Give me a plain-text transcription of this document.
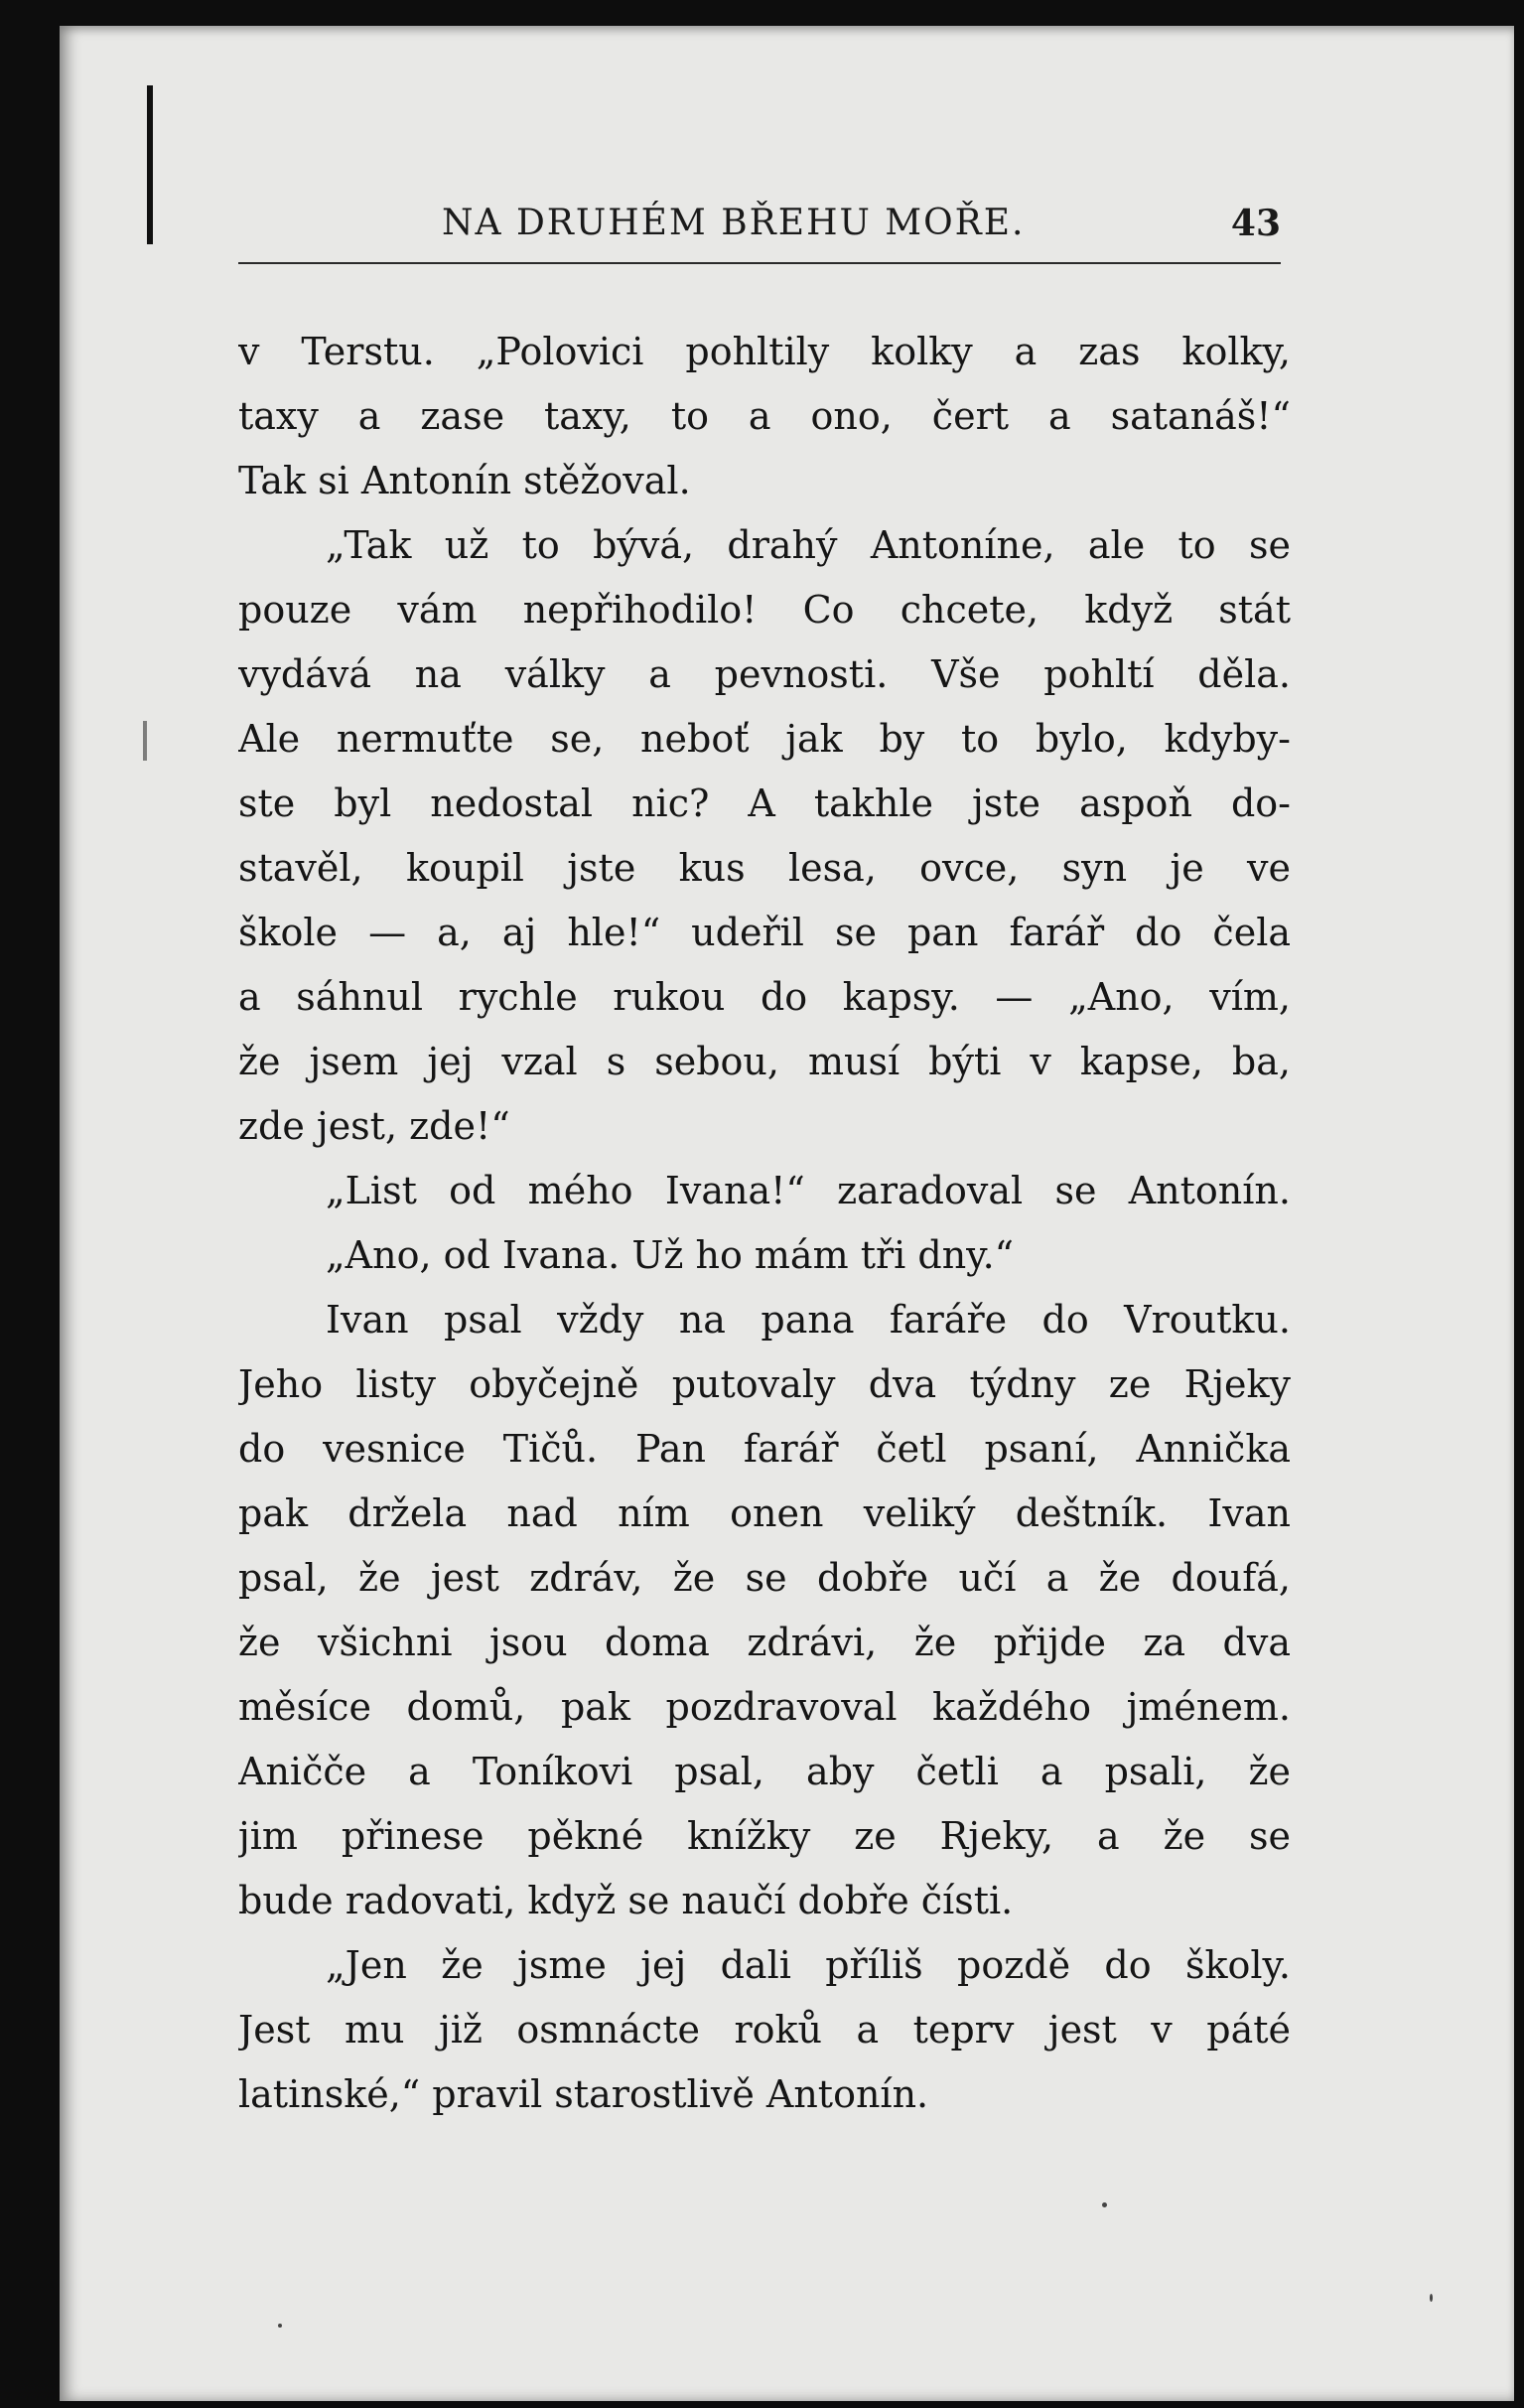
NA DRUHÉM BŘEHU MOŘE.	43
v Terstu. „Polovici pohltily kolky a zas kolky,
taxy a zase taxy, to a ono, čert a satanáš!“
Tak si Antonín stěžoval.
„Tak už to bývá, drahý Antoníne, ale to se
pouze vám nepřihodilo! Co chcete, když stát
vydává na války a pevnosti. Vše pohltí děla.
Ale nermuťte se, neboť jak by to bylo, kdyby-
ste byl nedostal nic? A takhle jste aspoň do-
stavěl, koupil jste kus lesa, ovce, syn je ve
škole — a, aj hle!“ udeřil se pan farář do čela
a sáhnul rychle rukou do kapsy. — „Ano, vím,
že jsem jej vzal s sebou, musí býti v kapse, ba,
zde jest, zde!“
„List od mého Ivana!“ zaradoval se Antonín.
„Ano, od Ivana. Už ho mám tři dny.“
Ivan psal vždy na pana faráře do Vroutku.
Jeho listy obyčejně putovaly dva týdny ze Rjeky
do vesnice Tičů. Pan farář četl psaní, Annička
pak držela nad ním onen veliký deštník. Ivan
psal, že jest zdráv, že se dobře učí a že doufá,
že všichni jsou doma zdrávi, že přijde za dva
měsíce domů, pak pozdravoval každého jménem.
Aničče a Toníkovi psal, aby četli a psali, že
jim přinese pěkné knížky ze Rjeky, a že se
bude radovati, když se naučí dobře čísti.
„Jen že jsme jej dali příliš pozdě do školy.
Jest mu již osmnácte roků a teprv jest v páté
latinské,“ pravil starostlivě Antonín.
